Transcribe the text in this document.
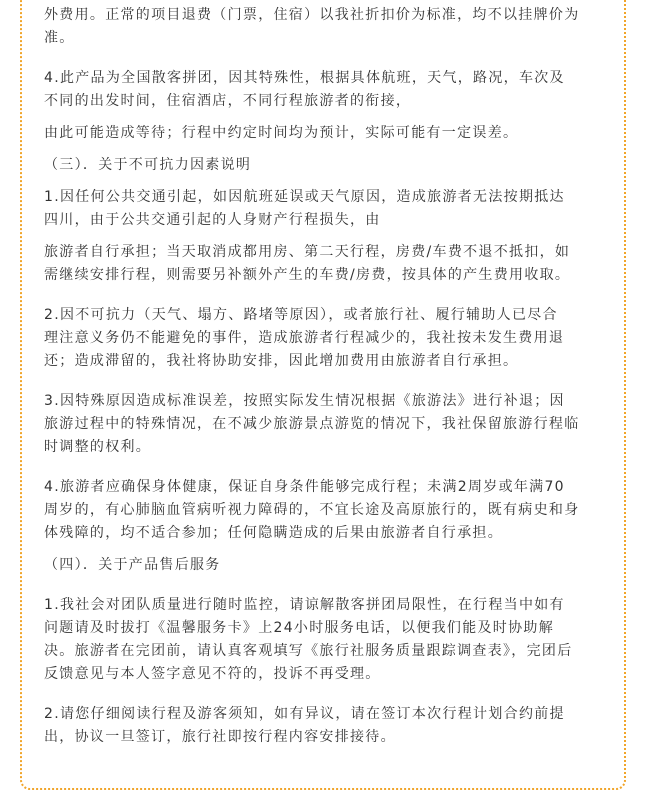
外费用。正常的项目退费（门票，住宿）以我社折扣价为标准，均不以挂牌价为
准。

4.此产品为全国散客拼团，因其特殊性，根据具体航班，天气，路况，车次及
不同的出发时间，住宿酒店，不同行程旅游者的衔接，

由此可能造成等待；行程中约定时间均为预计，实际可能有一定误差。

（三）．关于不可抗力因素说明

1.因任何公共交通引起，如因航班延误或天气原因，造成旅游者无法按期抵达
四川，由于公共交通引起的人身财产行程损失，由

旅游者自行承担；当天取消成都用房、第二天行程，房费/车费不退不抵扣，如
需继续安排行程，则需要另补额外产生的车费/房费，按具体的产生费用收取。

2.因不可抗力（天气、塌方、路堵等原因），或者旅行社、履行辅助人已尽合
理注意义务仍不能避免的事件，造成旅游者行程减少的，我社按未发生费用退
还；造成滞留的，我社将协助安排，因此增加费用由旅游者自行承担。

3.因特殊原因造成标准误差，按照实际发生情况根据《旅游法》进行补退；因
旅游过程中的特殊情况，在不减少旅游景点游览的情况下，我社保留旅游行程临
时调整的权利。

4.旅游者应确保身体健康，保证自身条件能够完成行程；未满2周岁或年满70
周岁的，有心肺脑血管病听视力障碍的，不宜长途及高原旅行的，既有病史和身
体残障的，均不适合参加；任何隐瞒造成的后果由旅游者自行承担。

（四）．关于产品售后服务

1.我社会对团队质量进行随时监控，请谅解散客拼团局限性，在行程当中如有
问题请及时拔打《温馨服务卡》上24小时服务电话，以便我们能及时协助解
决。旅游者在完团前，请认真客观填写《旅行社服务质量跟踪调查表》，完团后
反馈意见与本人签字意见不符的，投诉不再受理。

2.请您仔细阅读行程及游客须知，如有异议，请在签订本次行程计划合约前提
出，协议一旦签订，旅行社即按行程内容安排接待。
